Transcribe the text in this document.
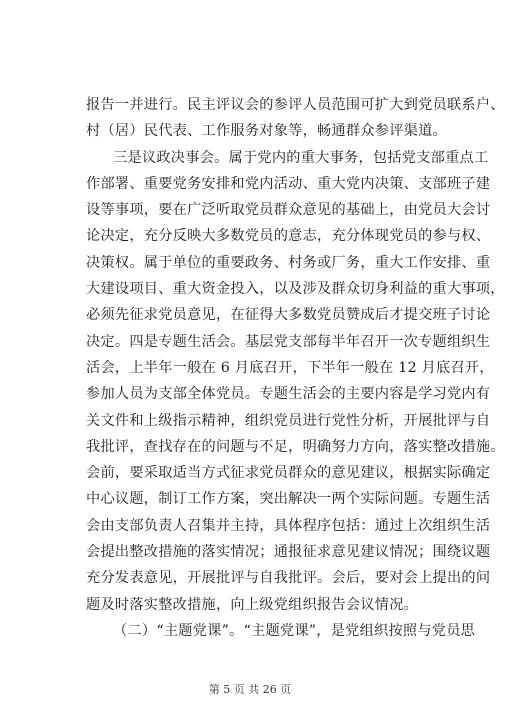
报告一并进行。民主评议会的参评人员范围可扩大到党员联系户、
村（居）民代表、工作服务对象等，畅通群众参评渠道。
三是议政决事会。属于党内的重大事务，包括党支部重点工
作部署、重要党务安排和党内活动、重大党内决策、支部班子建
设等事项，要在广泛听取党员群众意见的基础上，由党员大会讨
论决定，充分反映大多数党员的意志，充分体现党员的参与权、
决策权。属于单位的重要政务、村务或厂务，重大工作安排、重
大建设项目、重大资金投入，以及涉及群众切身利益的重大事项，
必须先征求党员意见，在征得大多数党员赞成后才提交班子讨论
决定。四是专题生活会。基层党支部每半年召开一次专题组织生
活会，上半年一般在 6 月底召开，下半年一般在 12 月底召开，
参加人员为支部全体党员。专题生活会的主要内容是学习党内有
关文件和上级指示精神，组织党员进行党性分析，开展批评与自
我批评，查找存在的问题与不足，明确努力方向，落实整改措施。
会前，要采取适当方式征求党员群众的意见建议，根据实际确定
中心议题，制订工作方案，突出解决一两个实际问题。专题生活
会由支部负责人召集并主持，具体程序包括：通过上次组织生活
会提出整改措施的落实情况；通报征求意见建议情况；围绕议题
充分发表意见，开展批评与自我批评。会后，要对会上提出的问
题及时落实整改措施，向上级党组织报告会议情况。
（二）“主题党课”。“主题党课”，是党组织按照与党员思
第 5 页 共 26 页
